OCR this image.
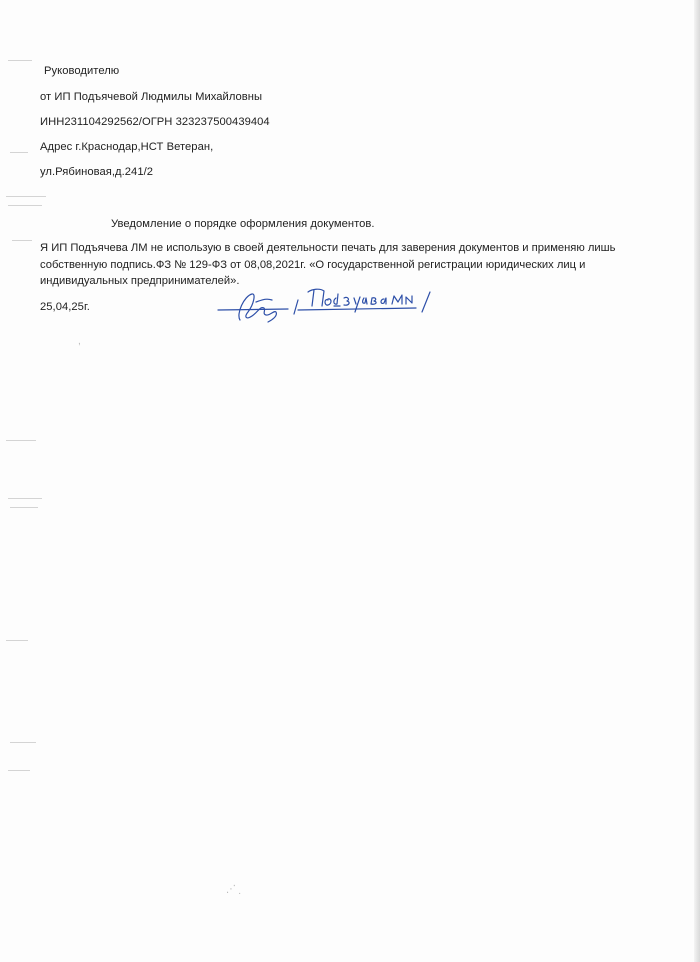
Руководителю
от ИП Подъячевой Людмилы Михайловны
ИНН231104292562/ОГРН 323237500439404
Адрес г.Краснодар,НСТ Ветеран,
ул.Рябиновая,д.241/2
Уведомление о порядке оформления документов.
Я ИП Подъячева ЛМ не использую в своей деятельности печать для заверения документов и применяю лишь
собственную подпись.ФЗ № 129-ФЗ от 08,08,2021г. «О государственной регистрации юридических лиц и
индивидуальных предпринимателей».
25,04,25г.
⋰ ·
,
